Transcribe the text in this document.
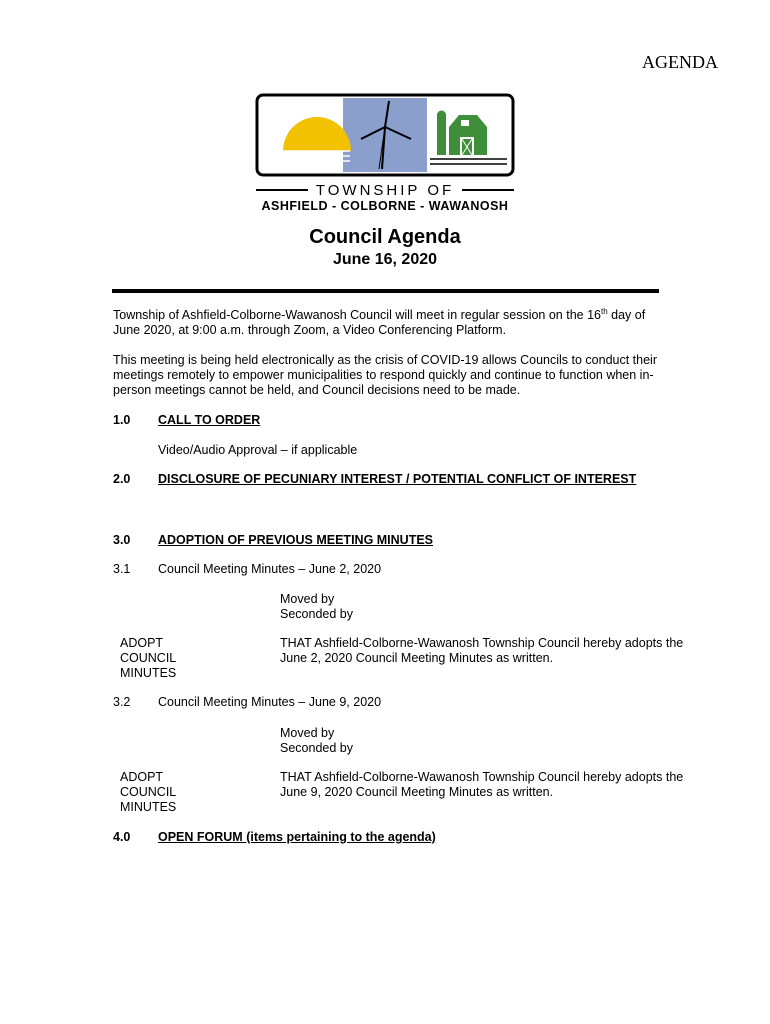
AGENDA
TOWNSHIP OF
ASHFIELD - COLBORNE - WAWANOSH
Council Agenda
June 16, 2020
Township of Ashfield-Colborne-Wawanosh Council will meet in regular session on the 16th day of June 2020, at 9:00 a.m. through Zoom, a Video Conferencing Platform.
This meeting is being held electronically as the crisis of COVID-19 allows Councils to conduct their meetings remotely to empower municipalities to respond quickly and continue to function when in-person meetings cannot be held, and Council decisions need to be made.
1.0 CALL TO ORDER
Video/Audio Approval – if applicable
2.0 DISCLOSURE OF PECUNIARY INTEREST / POTENTIAL CONFLICT OF INTEREST
3.0 ADOPTION OF PREVIOUS MEETING MINUTES
3.1 Council Meeting Minutes – June 2, 2020
Moved by
Seconded by
ADOPT
COUNCIL
MINUTES
THAT Ashfield-Colborne-Wawanosh Township Council hereby adopts the
June 2, 2020 Council Meeting Minutes as written.
3.2 Council Meeting Minutes – June 9, 2020
Moved by
Seconded by
ADOPT
COUNCIL
MINUTES
THAT Ashfield-Colborne-Wawanosh Township Council hereby adopts the
June 9, 2020 Council Meeting Minutes as written.
4.0 OPEN FORUM (items pertaining to the agenda)
